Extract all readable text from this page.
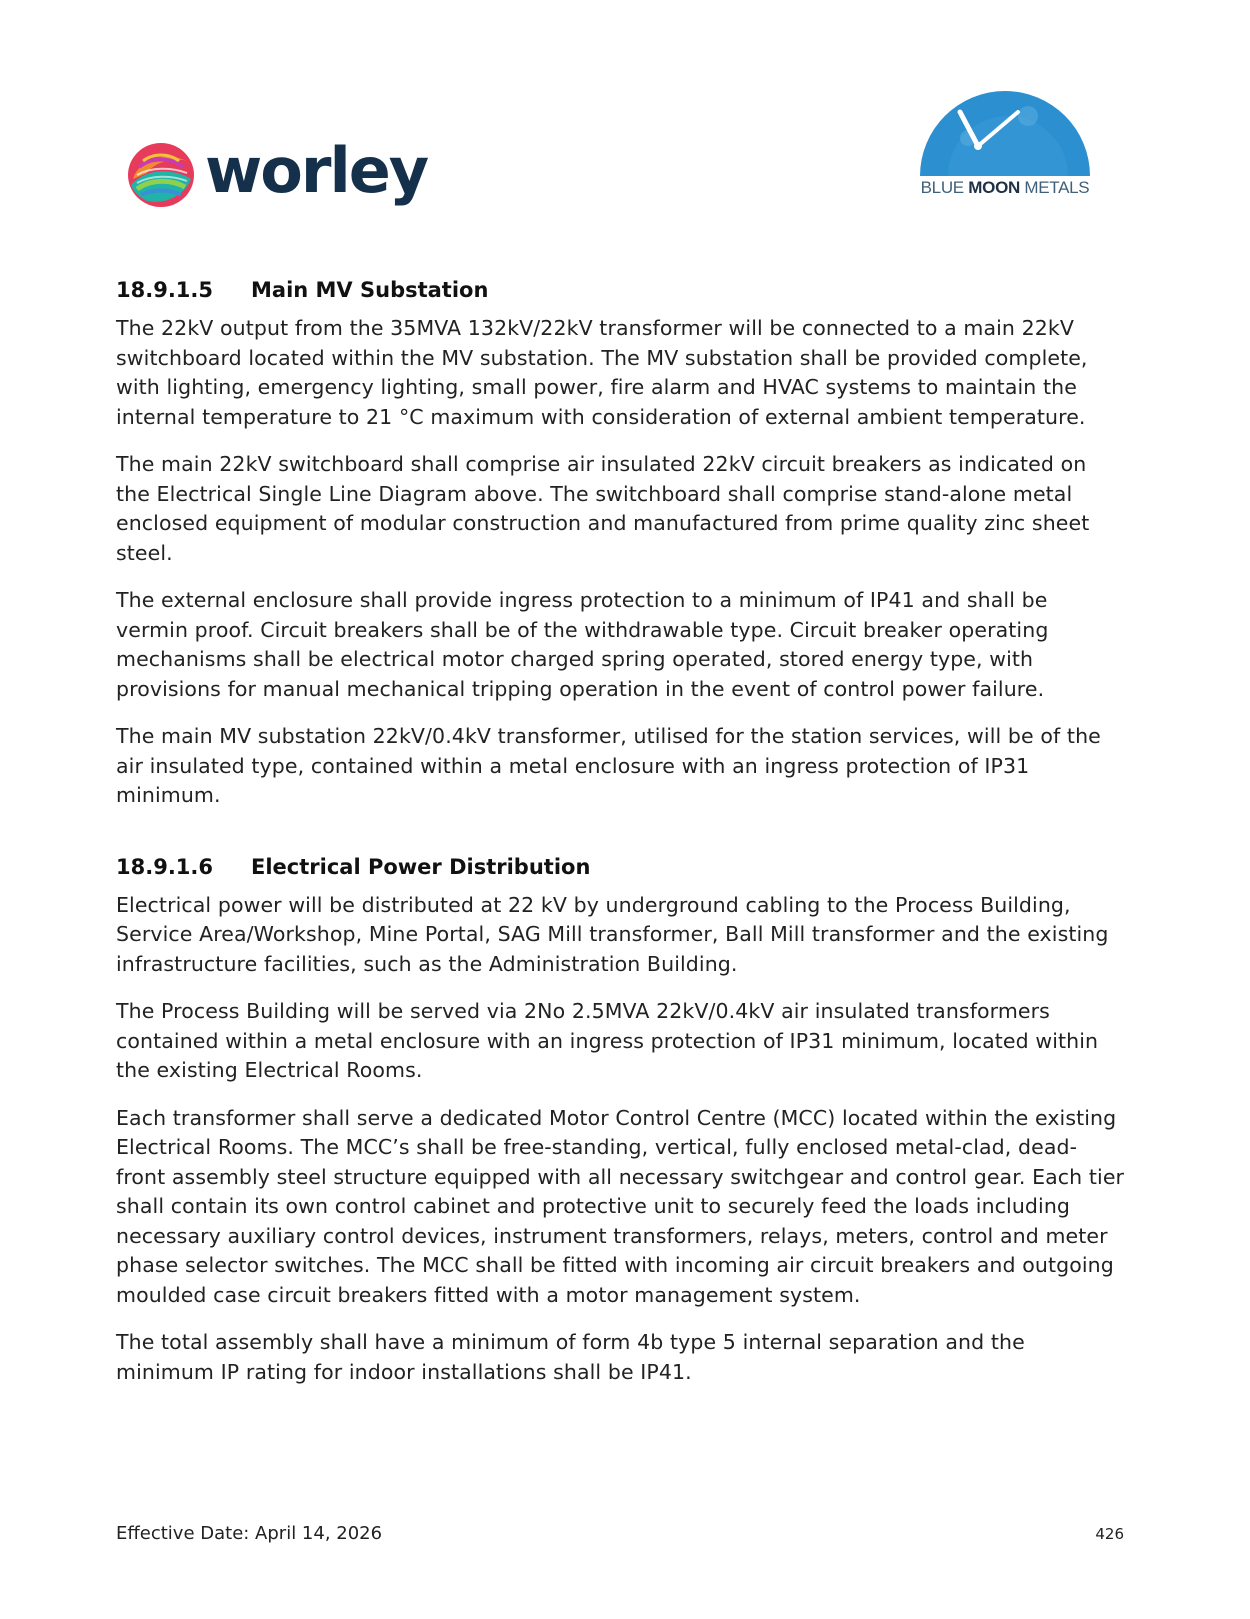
worley	BLUE MOON METALS
18.9.1.5	Main MV Substation

The 22kV output from the 35MVA 132kV/22kV transformer will be connected to a main 22kV switchboard located within the MV substation. The MV substation shall be provided complete, with lighting, emergency lighting, small power, fire alarm and HVAC systems to maintain the internal temperature to 21 °C maximum with consideration of external ambient temperature.

The main 22kV switchboard shall comprise air insulated 22kV circuit breakers as indicated on the Electrical Single Line Diagram above. The switchboard shall comprise stand-alone metal enclosed equipment of modular construction and manufactured from prime quality zinc sheet steel.

The external enclosure shall provide ingress protection to a minimum of IP41 and shall be vermin proof. Circuit breakers shall be of the withdrawable type. Circuit breaker operating mechanisms shall be electrical motor charged spring operated, stored energy type, with provisions for manual mechanical tripping operation in the event of control power failure.

The main MV substation 22kV/0.4kV transformer, utilised for the station services, will be of the air insulated type, contained within a metal enclosure with an ingress protection of IP31 minimum.

18.9.1.6	Electrical Power Distribution

Electrical power will be distributed at 22 kV by underground cabling to the Process Building, Service Area/Workshop, Mine Portal, SAG Mill transformer, Ball Mill transformer and the existing infrastructure facilities, such as the Administration Building.

The Process Building will be served via 2No 2.5MVA 22kV/0.4kV air insulated transformers contained within a metal enclosure with an ingress protection of IP31 minimum, located within the existing Electrical Rooms.

Each transformer shall serve a dedicated Motor Control Centre (MCC) located within the existing Electrical Rooms. The MCC’s shall be free-standing, vertical, fully enclosed metal-clad, dead-front assembly steel structure equipped with all necessary switchgear and control gear. Each tier shall contain its own control cabinet and protective unit to securely feed the loads including necessary auxiliary control devices, instrument transformers, relays, meters, control and meter phase selector switches. The MCC shall be fitted with incoming air circuit breakers and outgoing moulded case circuit breakers fitted with a motor management system.

The total assembly shall have a minimum of form 4b type 5 internal separation and the minimum IP rating for indoor installations shall be IP41.

Effective Date: April 14, 2026	426
